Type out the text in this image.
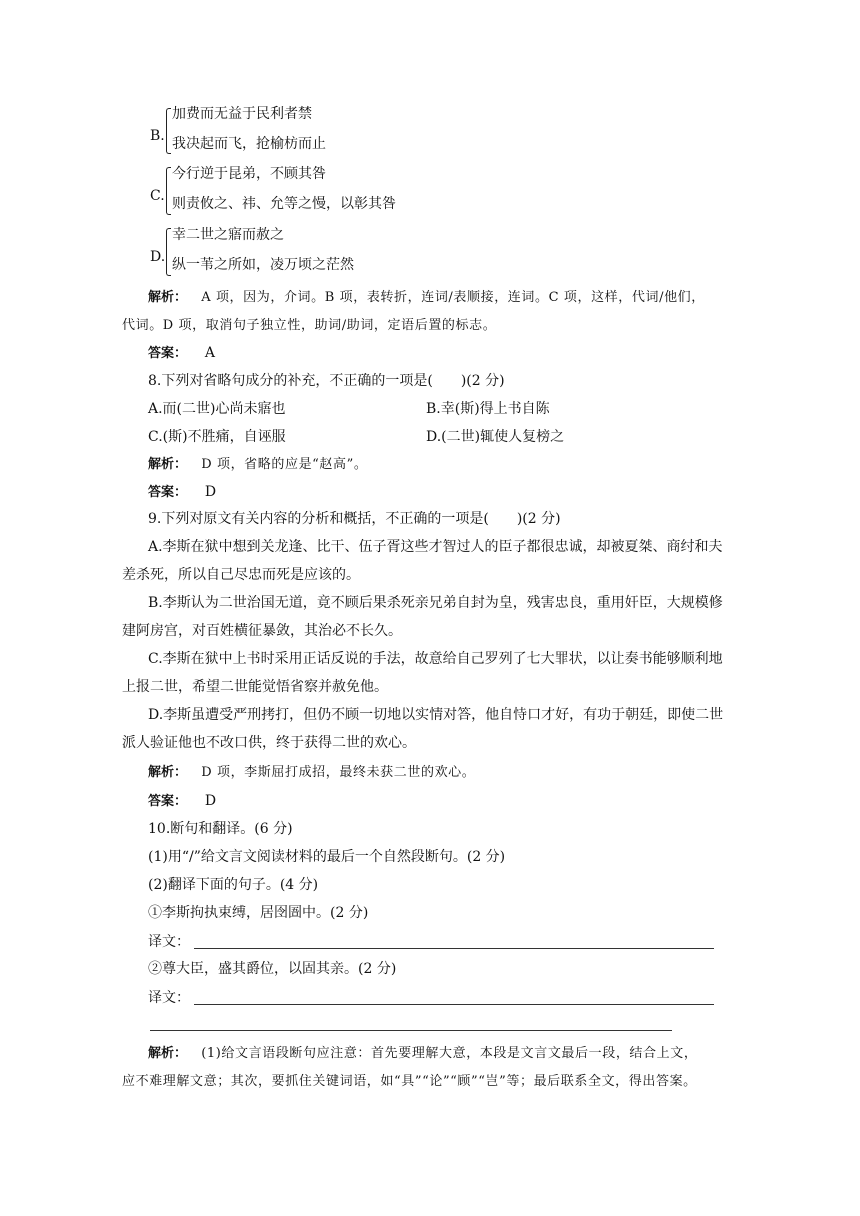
B.
加费而无益于民利者禁
我决起而飞，抢榆枋而止
C.
今行逆于昆弟，不顾其咎
则责攸之、祎、允等之慢，以彰其咎
D.
幸二世之寤而赦之
纵一苇之所如，凌万顷之茫然
解析： A 项，因为，介词。B 项，表转折，连词/表顺接，连词。C 项，这样，代词/他们，
代词。D 项，取消句子独立性，助词/助词，定语后置的标志。
答案： A
8.下列对省略句成分的补充，不正确的一项是(　　)(2 分)
A.而(二世)心尚未寤也	B.幸(斯)得上书自陈
C.(斯)不胜痛，自诬服	D.(二世)辄使人复榜之
解析： D 项，省略的应是“赵高”。
答案： D
9.下列对原文有关内容的分析和概括，不正确的一项是(　　)(2 分)
A.李斯在狱中想到关龙逢、比干、伍子胥这些才智过人的臣子都很忠诚，却被夏桀、商纣和夫
差杀死，所以自己尽忠而死是应该的。
B.李斯认为二世治国无道，竟不顾后果杀死亲兄弟自封为皇，残害忠良，重用奸臣，大规模修
建阿房宫，对百姓横征暴敛，其治必不长久。
C.李斯在狱中上书时采用正话反说的手法，故意给自己罗列了七大罪状，以让奏书能够顺利地
上报二世，希望二世能觉悟省察并赦免他。
D.李斯虽遭受严刑拷打，但仍不顾一切地以实情对答，他自恃口才好，有功于朝廷，即使二世
派人验证他也不改口供，终于获得二世的欢心。
解析： D 项，李斯屈打成招，最终未获二世的欢心。
答案： D
10.断句和翻译。(6 分)
(1)用“/”给文言文阅读材料的最后一个自然段断句。(2 分)
(2)翻译下面的句子。(4 分)
①李斯拘执束缚，居囹圄中。(2 分)
译文：
②尊大臣，盛其爵位，以固其亲。(2 分)
译文：
解析： (1)给文言语段断句应注意：首先要理解大意，本段是文言文最后一段，结合上文，
应不难理解文意；其次，要抓住关键词语，如“具”“论”“顾”“岂”等；最后联系全文，得出答案。
